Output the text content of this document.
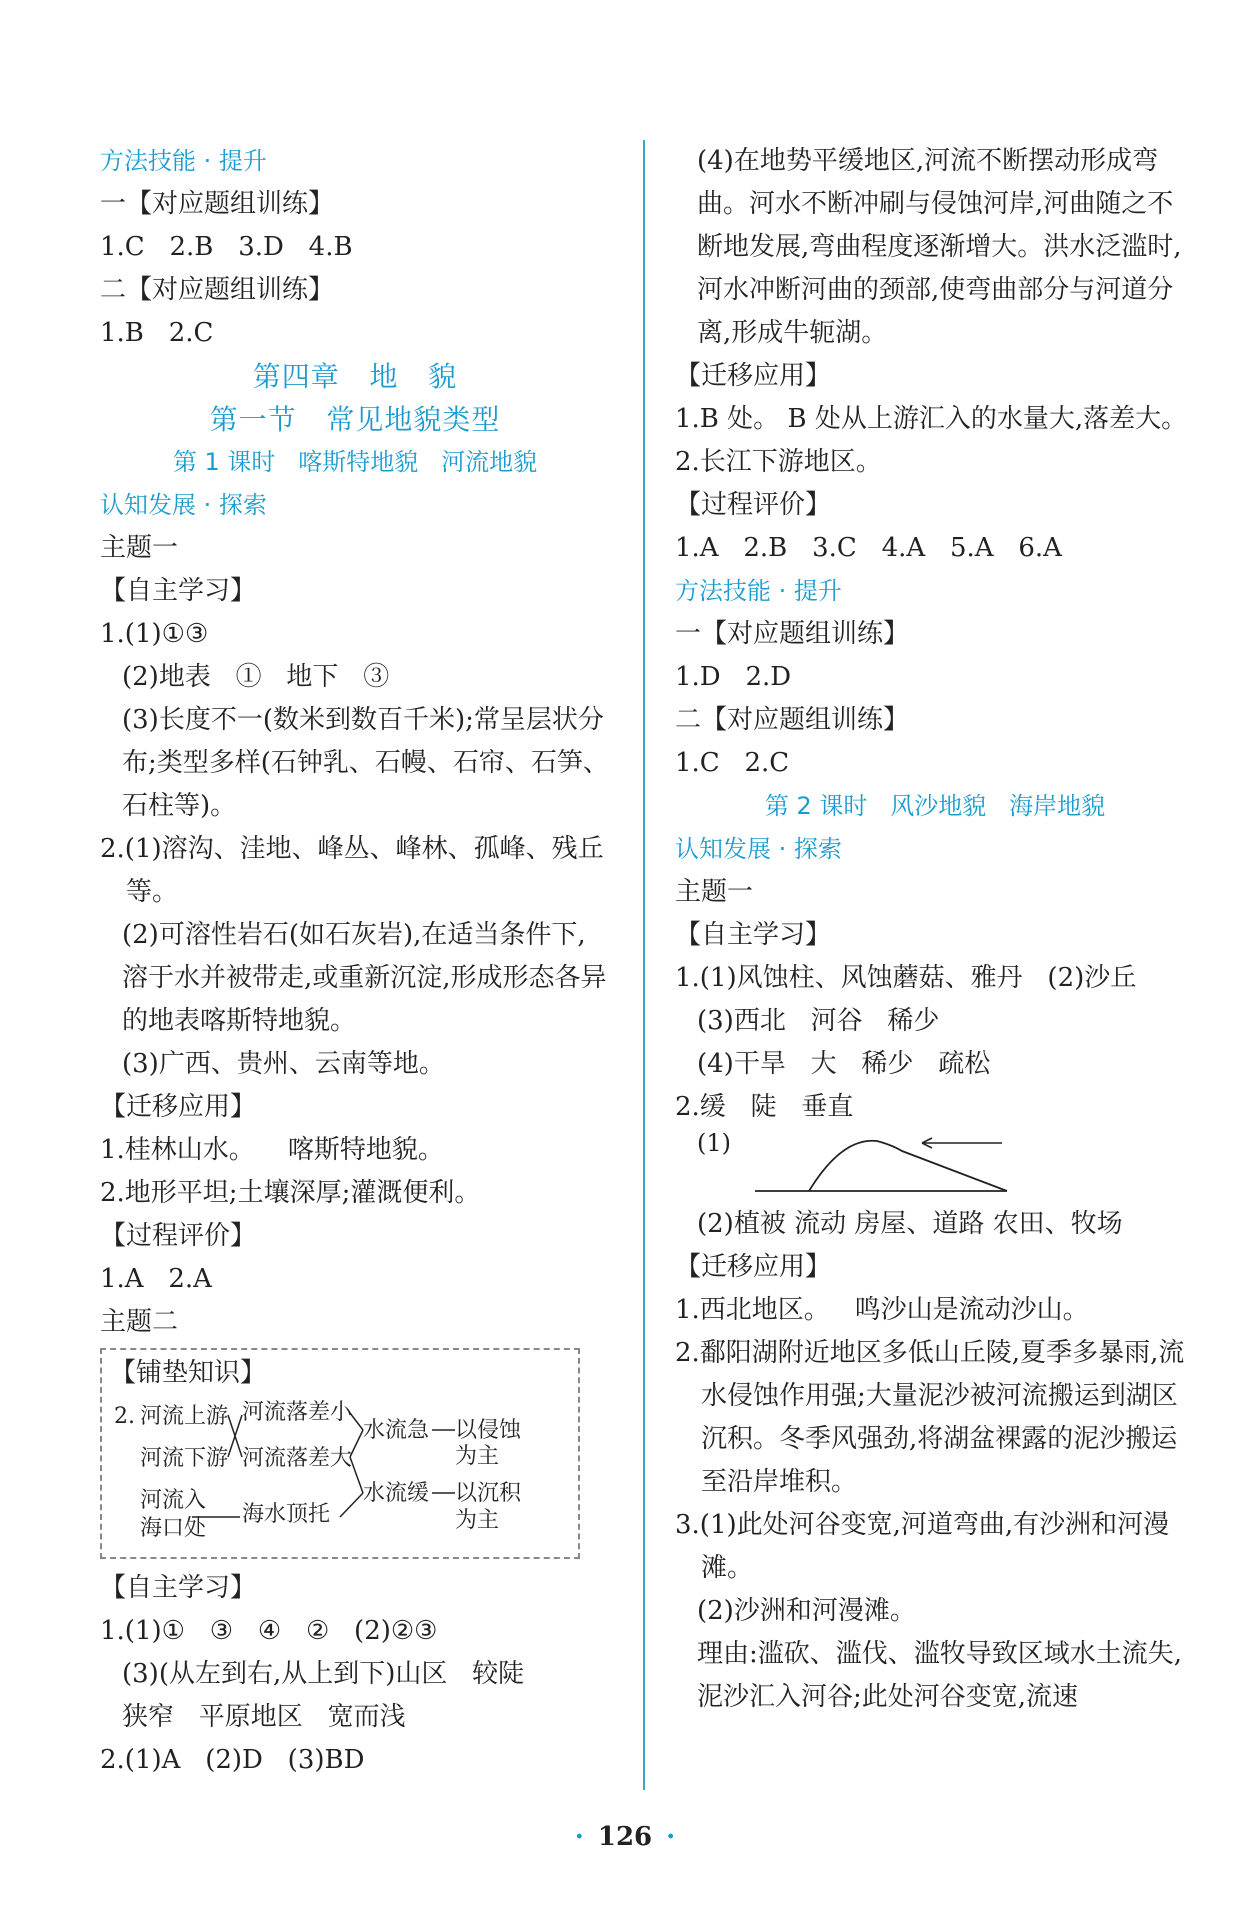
方法技能 · 提升
一【对应题组训练】
1.C   2.B   3.D   4.B
二【对应题组训练】
1.B   2.C
第四章   地   貌
第一节   常见地貌类型
第 1 课时   喀斯特地貌   河流地貌
认知发展 · 探索
主题一
【自主学习】
1.(1)①③
(2)地表   ①   地下   ③
(3)长度不一(数米到数百千米);常呈层状分布;类型多样(石钟乳、石幔、石帘、石笋、石柱等)。
2.(1)溶沟、洼地、峰丛、峰林、孤峰、残丘等。
(2)可溶性岩石(如石灰岩),在适当条件下,溶于水并被带走,或重新沉淀,形成形态各异的地表喀斯特地貌。
(3)广西、贵州、云南等地。
【迁移应用】
1.桂林山水。    喀斯特地貌。
2.地形平坦;土壤深厚;灌溉便利。
【过程评价】
1.A   2.A
主题二
【铺垫知识】
2. 河流上游
河流下游
河流入
海口处
河流落差小
河流落差大
海水顶托
水流急
水流缓
以侵蚀
为主
以沉积
为主
【自主学习】
1.(1)①   ③   ④   ②   (2)②③
(3)(从左到右,从上到下)山区   较陡
狭窄   平原地区   宽而浅
2.(1)A   (2)D   (3)BD
(4)在地势平缓地区,河流不断摆动形成弯曲。河水不断冲刷与侵蚀河岸,河曲随之不断地发展,弯曲程度逐渐增大。洪水泛滥时,河水冲断河曲的颈部,使弯曲部分与河道分离,形成牛轭湖。
【迁移应用】
1.B 处。 B 处从上游汇入的水量大,落差大。
2.长江下游地区。
【过程评价】
1.A   2.B   3.C   4.A   5.A   6.A
方法技能 · 提升
一【对应题组训练】
1.D   2.D
二【对应题组训练】
1.C   2.C
第 2 课时   风沙地貌   海岸地貌
认知发展 · 探索
主题一
【自主学习】
1.(1)风蚀柱、风蚀蘑菇、雅丹   (2)沙丘
(3)西北   河谷   稀少
(4)干旱   大   稀少   疏松
2.缓   陡   垂直
(1)
(2)植被 流动 房屋、道路 农田、牧场
【迁移应用】
1.西北地区。   鸣沙山是流动沙山。
2.鄱阳湖附近地区多低山丘陵,夏季多暴雨,流水侵蚀作用强;大量泥沙被河流搬运到湖区沉积。冬季风强劲,将湖盆裸露的泥沙搬运至沿岸堆积。
3.(1)此处河谷变宽,河道弯曲,有沙洲和河漫滩。
(2)沙洲和河漫滩。
理由:滥砍、滥伐、滥牧导致区域水土流失,泥沙汇入河谷;此处河谷变宽,流速
· 126 ·
